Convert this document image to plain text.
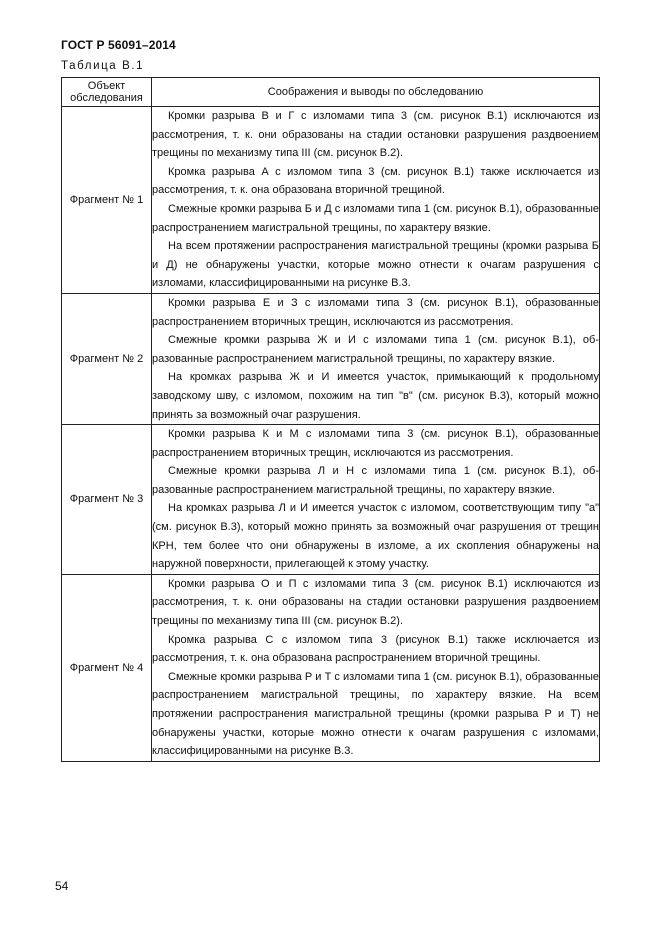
ГОСТ Р 56091–2014
Таблица В.1
Объект обследования	Соображения и выводы по обследованию
Фрагмент № 1	Кромки разрыва В и Г с изломами типа 3 (см. рисунок В.1) исключаются из рассмотрения, т. к. они образованы на стадии остановки разрушения раздвоением трещины по механизму типа III (см. рисунок В.2).

Кромка разрыва А с изломом типа 3 (см. рисунок В.1) также исключается из рассмотрения, т. к. она образована вторичной трещиной.

Смежные кромки разрыва Б и Д с изломами типа 1 (см. рисунок В.1), образованные распространением магистральной трещины, по характеру вязкие.

На всем протяжении распространения магистральной трещины (кромки разрыва Б и Д) не обнаружены участки, которые можно отнести к очагам разрушения с изломами, классифицированными на рисунке В.3.

Фрагмент № 2	Кромки разрыва Е и З с изломами типа 3 (см. рисунок В.1), образованные распространением вторичных трещин, исключаются из рассмотрения.

Смежные кромки разрыва Ж и И с изломами типа 1 (см. рисунок В.1), образованные распространением магистральной трещины, по характеру вязкие.

На кромках разрыва Ж и И имеется участок, примыкающий к продольному заводскому шву, с изломом, похожим на тип "в" (см. рисунок В.3), который можно принять за возможный очаг разрушения.

Фрагмент № 3	Кромки разрыва К и М с изломами типа 3 (см. рисунок В.1), образованные распространением вторичных трещин, исключаются из рассмотрения.

Смежные кромки разрыва Л и Н с изломами типа 1 (см. рисунок В.1), образованные распространением магистральной трещины, по характеру вязкие.

На кромках разрыва Л и И имеется участок с изломом, соответствующим типу "а" (см. рисунок В.3), который можно принять за возможный очаг разрушения от трещин КРН, тем более что они обнаружены в изломе, а их скопления обнаружены на наружной поверхности, прилегающей к этому участку.

Фрагмент № 4	Кромки разрыва О и П с изломами типа 3 (см. рисунок В.1) исключаются из рассмотрения, т. к. они образованы на стадии остановки разрушения раздвоением трещины по механизму типа III (см. рисунок В.2).

Кромка разрыва С с изломом типа 3 (рисунок В.1) также исключается из рассмотрения, т. к. она образована распространением вторичной трещины.

Смежные кромки разрыва Р и Т с изломами типа 1 (см. рисунок В.1), образованные распространением магистральной трещины, по характеру вязкие. На всем протяжении распространения магистральной трещины (кромки разрыва Р и Т) не обнаружены участки, которые можно отнести к очагам разрушения с изломами, классифицированными на рисунке В.3.

54
